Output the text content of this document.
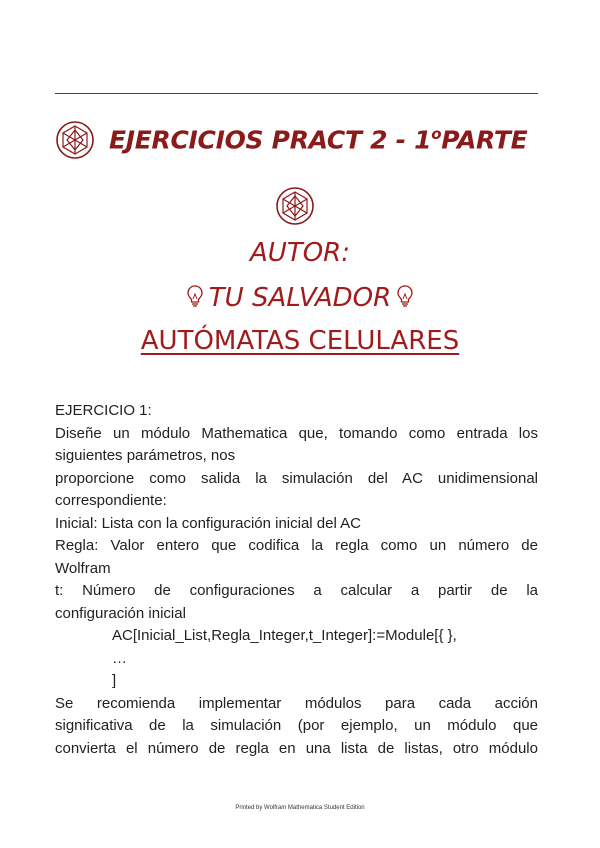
EJERCICIOS PRACT 2 - 1$^o$PARTE
AUTOR:
TU SALVADOR
AUTÓMATAS CELULARES

EJERCICIO 1:

Diseñe un módulo Mathematica que, tomando como entrada los

siguientes parámetros, nos

proporcione como salida la simulación del AC unidimensional

correspondiente:

Inicial: Lista con la configuración inicial del AC

Regla: Valor entero que codifica la regla como un número de

Wolfram

t: Número de configuraciones a calcular a partir de la

configuración inicial

AC[Inicial_List,Regla_Integer,t_Integer]:=Module[{ },

…

]

Se recomienda implementar módulos para cada acción

significativa de la simulación (por ejemplo, un módulo que

convierta el número de regla en una lista de listas, otro módulo

Printed by Wolfram Mathematica Student Edition
